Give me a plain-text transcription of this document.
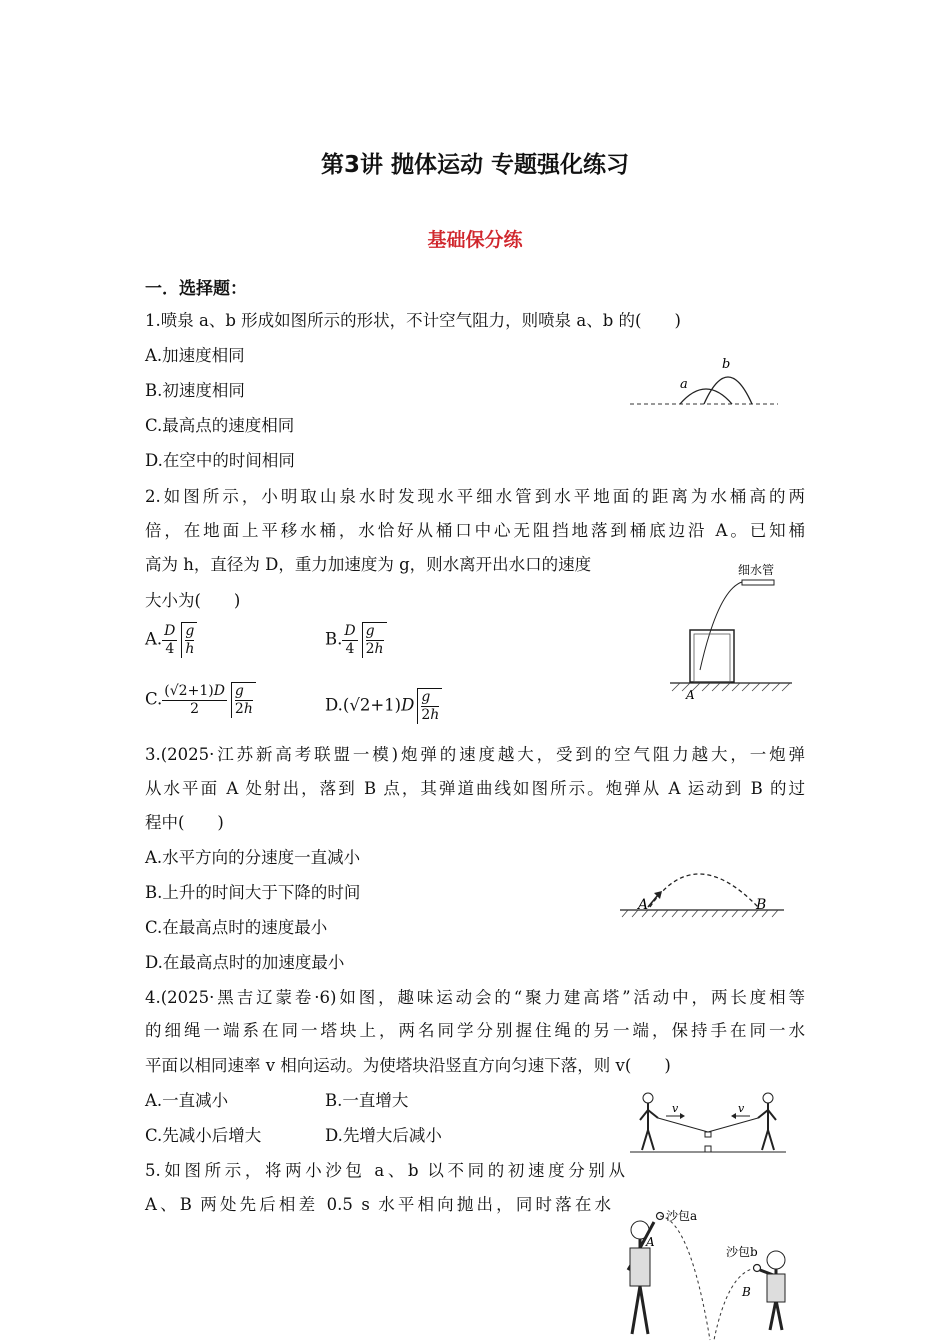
第3讲 抛体运动 专题强化练习
基础保分练
一．选择题：
1.喷泉 a、b 形成如图所示的形状，不计空气阻力，则喷泉 a、b 的(　　)
A.加速度相同
B.初速度相同
C.最高点的速度相同
D.在空中的时间相同
a
b
2.如图所示，小明取山泉水时发现水平细水管到水平地面的距离为水桶高的两
倍，在地面上平移水桶，水恰好从桶口中心无阻挡地落到桶底边沿 A。已知桶
高为 h，直径为 D，重力加速度为 g，则水离开出水口的速度
大小为(　　)
A. $\frac{D}{4} \frac{g}{h}$	B. $\frac{D}{4} \frac{g}{2h}$
C. $\frac{(√2+1)D}{2} \frac{g}{2h}$	$D.(√2+1)D \frac{g}{2h}$
细水管
A
3.(2025·江苏新高考联盟一模)炮弹的速度越大，受到的空气阻力越大，一炮弹
从水平面 A 处射出，落到 B 点，其弹道曲线如图所示。炮弹从 A 运动到 B 的过
程中(　　)
A.水平方向的分速度一直减小
B.上升的时间大于下降的时间
C.在最高点时的速度最小
D.在最高点时的加速度最小
A	B
4.(2025·黑吉辽蒙卷·6)如图，趣味运动会的“聚力建高塔”活动中，两长度相等
的细绳一端系在同一塔块上，两名同学分别握住绳的另一端，保持手在同一水
平面以相同速率 v 相向运动。为使塔块沿竖直方向匀速下落，则 v(　　)
A.一直减小	B.一直增大
C.先减小后增大	D.先增大后减小
v	v
5.如图所示，将两小沙包 a、b 以不同的初速度分别从
A、B 两处先后相差 0.5 s 水平相向抛出，同时落在水
沙包a
A
沙包b
B
